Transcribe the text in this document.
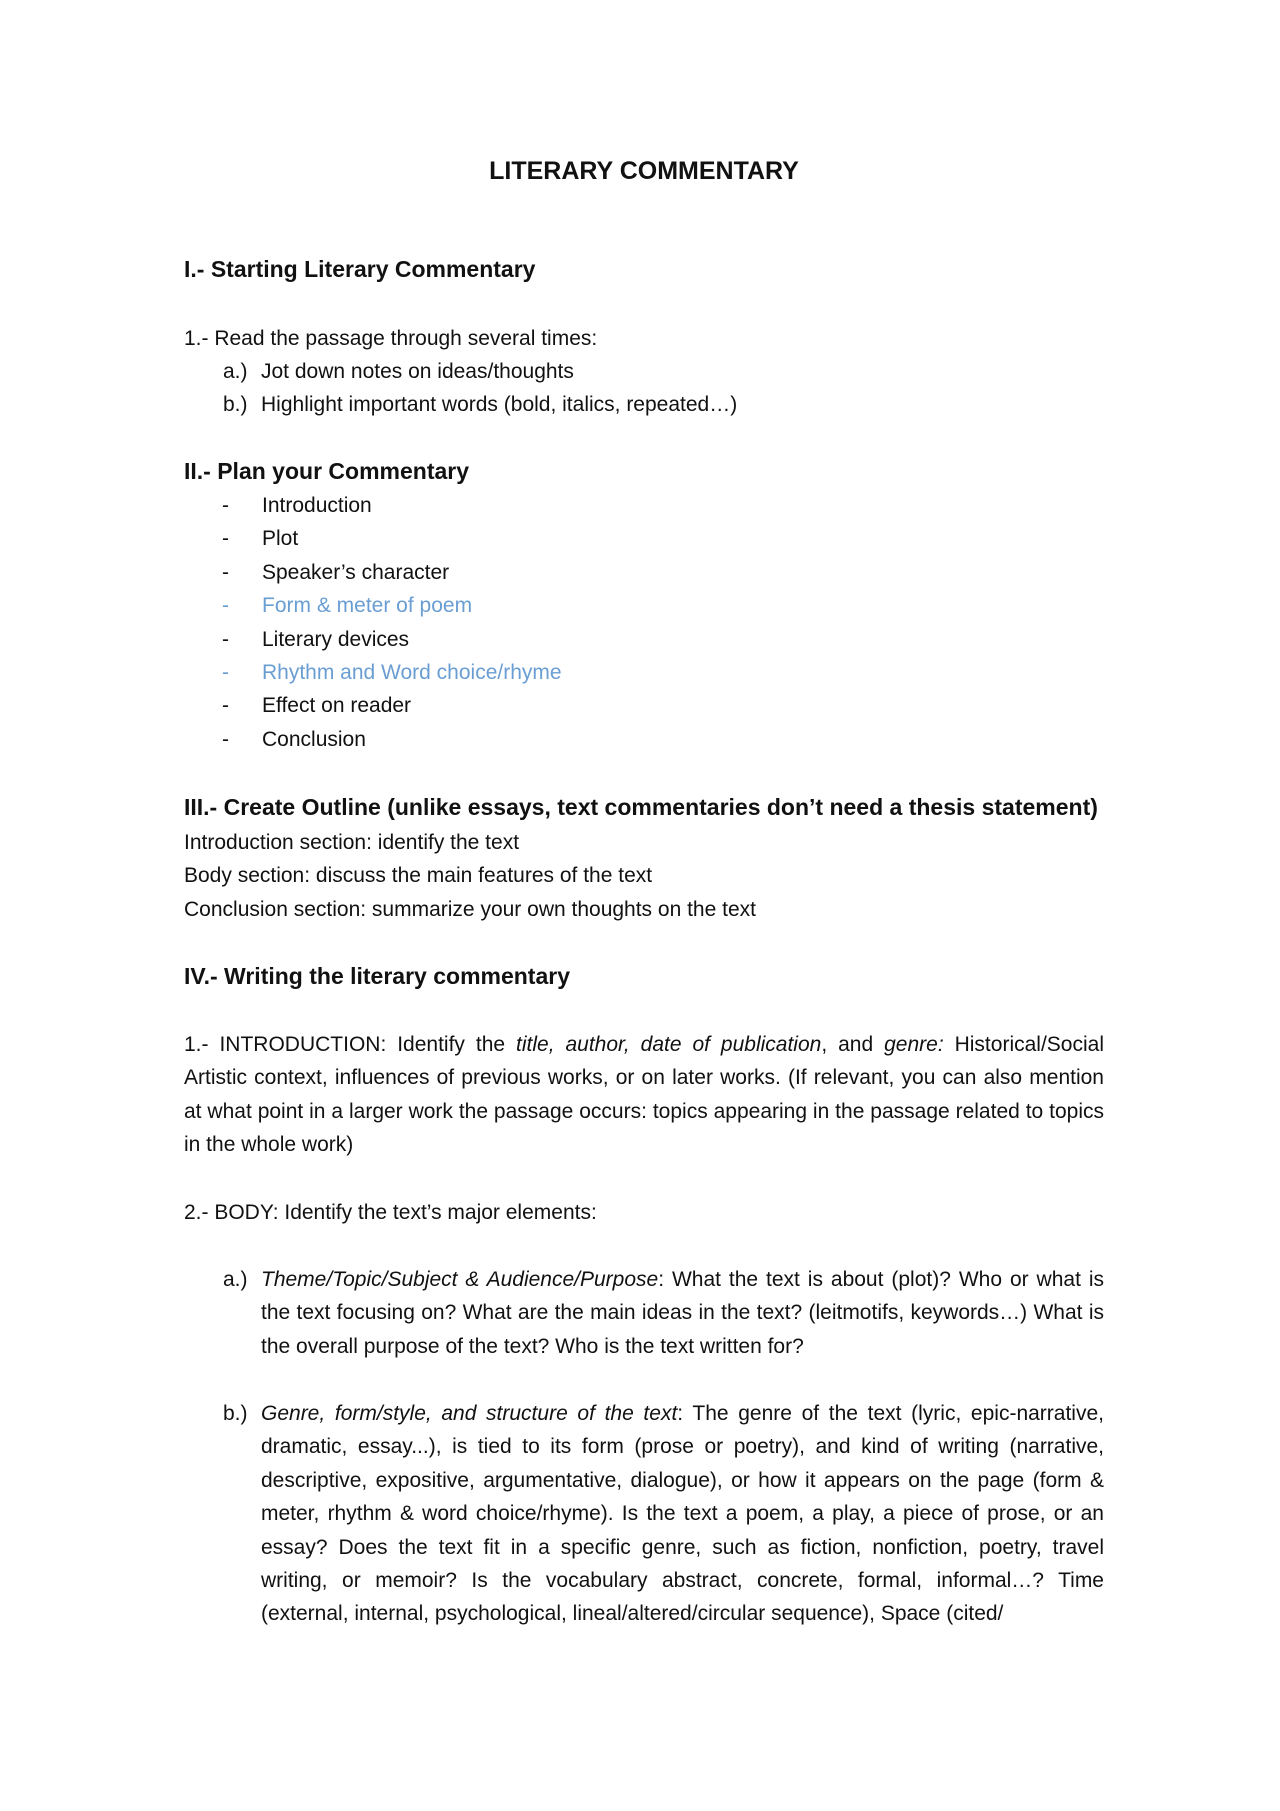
LITERARY COMMENTARY
I.- Starting Literary Commentary

1.- Read the passage through several times:

a.) Jot down notes on ideas/thoughts
b.) Highlight important words (bold, italics, repeated…)
II.- Plan your Commentary
- Introduction
- Plot
- Speaker’s character
- Form & meter of poem
- Literary devices
- Rhythm and Word choice/rhyme
- Effect on reader
- Conclusion
III.- Create Outline (unlike essays, text commentaries don’t need a thesis statement)

Introduction section: identify the text

Body section: discuss the main features of the text

Conclusion section: summarize your own thoughts on the text

IV.- Writing the literary commentary

1.- INTRODUCTION: Identify the title, author, date of publication, and genre: Historical/Social Artistic context, influences of previous works, or on later works. (If relevant, you can also mention at what point in a larger work the passage occurs: topics appearing in the passage related to topics in the whole work)

2.- BODY: Identify the text’s major elements:

a.) Theme/Topic/Subject & Audience/Purpose: What the text is about (plot)? Who or what is the text focusing on? What are the main ideas in the text? (leitmotifs, keywords…) What is the overall purpose of the text? Who is the text written for?
b.) Genre, form/style, and structure of the text: The genre of the text (lyric, epic-narrative, dramatic, essay...), is tied to its form (prose or poetry), and kind of writing (narrative, descriptive, expositive, argumentative, dialogue), or how it appears on the page (form & meter, rhythm & word choice/rhyme). Is the text a poem, a play, a piece of prose, or an essay? Does the text fit in a specific genre, such as fiction, nonfiction, poetry, travel writing, or memoir? Is the vocabulary abstract, concrete, formal, informal…? Time (external, internal, psychological, lineal/altered/circular sequence), Space (cited/
